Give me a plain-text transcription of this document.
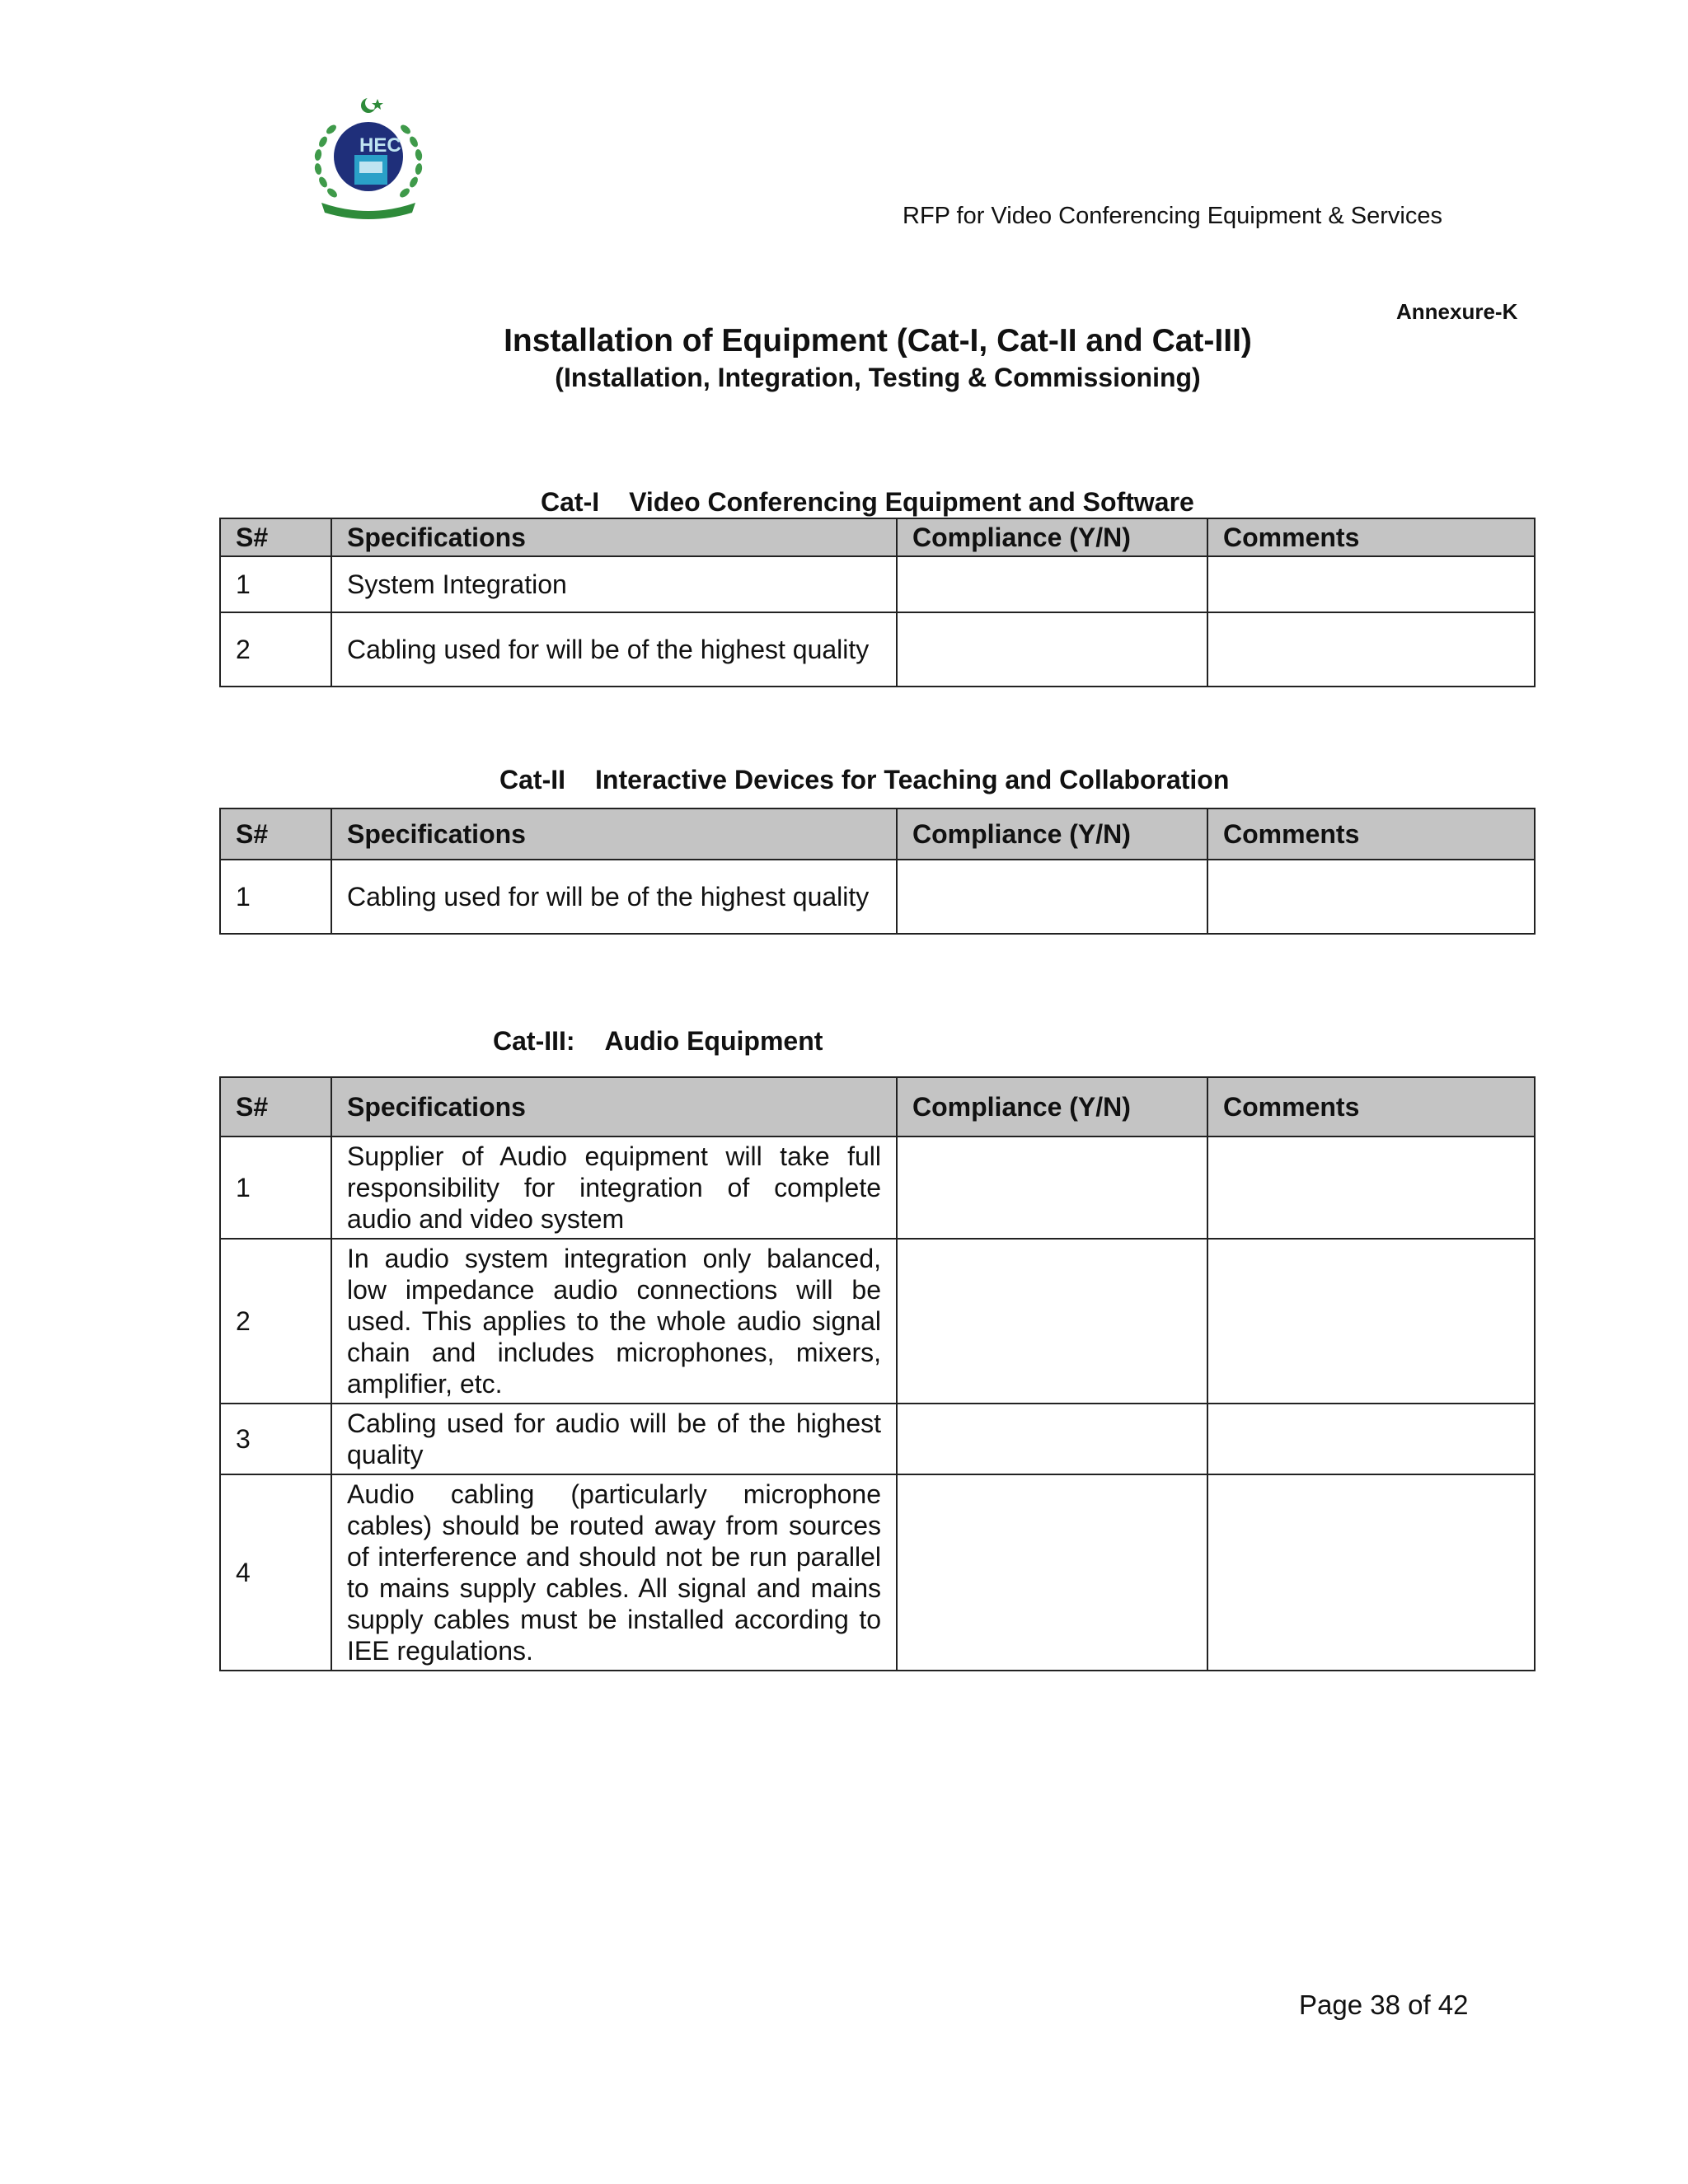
HEC
RFP for Video Conferencing Equipment & Services
Annexure-K
Installation of Equipment (Cat-I, Cat-II and Cat-III)
(Installation, Integration, Testing & Commissioning)
Cat-I Video Conferencing Equipment and Software
S#	Specifications	Compliance (Y/N)	Comments
1	System Integration		
2	Cabling used for will be of the highest quality		
Cat-II Interactive Devices for Teaching and Collaboration
S#	Specifications	Compliance (Y/N)	Comments
1	Cabling used for will be of the highest quality		
Cat-III: Audio Equipment
S#	Specifications	Compliance (Y/N)	Comments
1	Supplier of Audio equipment will take full responsibility for integration of complete audio and video system		
2	In audio system integration only balanced, low impedance audio connections will be used. This applies to the whole audio signal chain and includes microphones, mixers, amplifier, etc.		
3	Cabling used for audio will be of the highest quality		
4	Audio cabling (particularly microphone cables) should be routed away from sources of interference and should not be run parallel to mains supply cables. All signal and mains supply cables must be installed according to IEE regulations.		
Page 38 of 42
